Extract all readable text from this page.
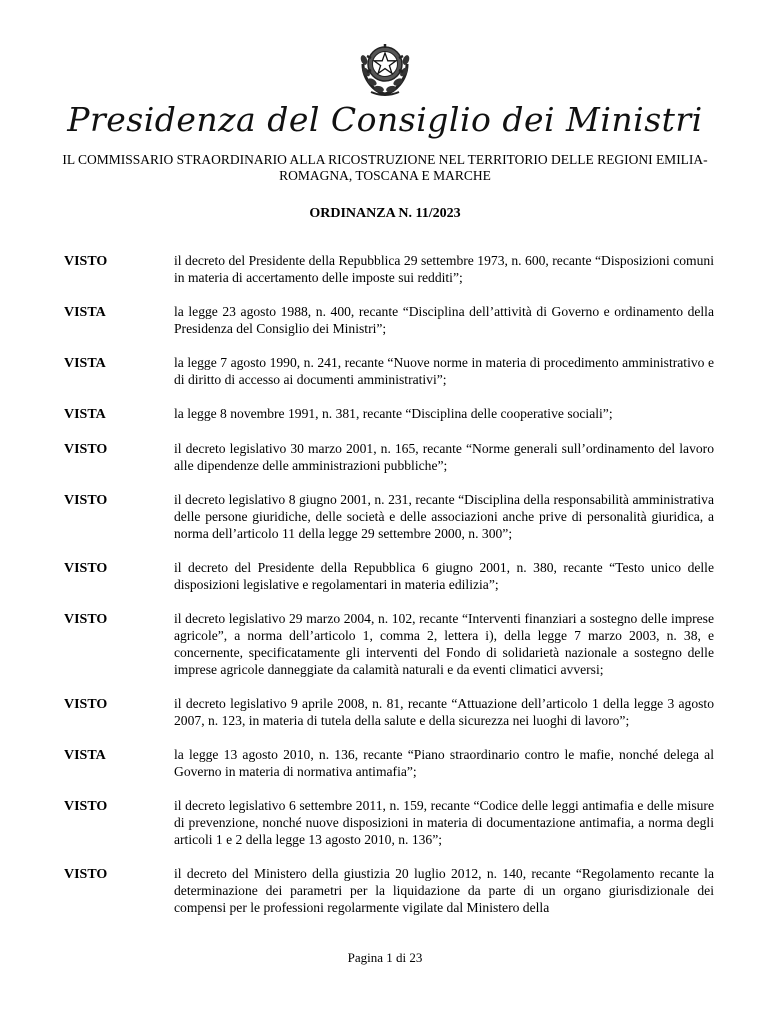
Presidenza del Consiglio dei Ministri
IL COMMISSARIO STRAORDINARIO ALLA RICOSTRUZIONE NEL TERRITORIO DELLE REGIONI EMILIA-ROMAGNA, TOSCANA E MARCHE
ORDINANZA N. 11/2023
VISTO	il decreto del Presidente della Repubblica 29 settembre 1973, n. 600, recante “Disposizioni comuni in materia di accertamento delle imposte sui redditi”;
VISTA	la legge 23 agosto 1988, n. 400, recante “Disciplina dell’attività di Governo e ordinamento della Presidenza del Consiglio dei Ministri”;
VISTA	la legge 7 agosto 1990, n. 241, recante “Nuove norme in materia di procedimento amministrativo e di diritto di accesso ai documenti amministrativi”;
VISTA	la legge 8 novembre 1991, n. 381, recante “Disciplina delle cooperative sociali”;
VISTO	il decreto legislativo 30 marzo 2001, n. 165, recante “Norme generali sull’ordinamento del lavoro alle dipendenze delle amministrazioni pubbliche”;
VISTO	il decreto legislativo 8 giugno 2001, n. 231, recante “Disciplina della responsabilità amministrativa delle persone giuridiche, delle società e delle associazioni anche prive di personalità giuridica, a norma dell’articolo 11 della legge 29 settembre 2000, n. 300”;
VISTO	il decreto del Presidente della Repubblica 6 giugno 2001, n. 380, recante “Testo unico delle disposizioni legislative e regolamentari in materia edilizia”;
VISTO	il decreto legislativo 29 marzo 2004, n. 102, recante “Interventi finanziari a sostegno delle imprese agricole”, a norma dell’articolo 1, comma 2, lettera i), della legge 7 marzo 2003, n. 38, e concernente, specificatamente gli interventi del Fondo di solidarietà nazionale a sostegno delle imprese agricole danneggiate da calamità naturali e da eventi climatici avversi;
VISTO	il decreto legislativo 9 aprile 2008, n. 81, recante “Attuazione dell’articolo 1 della legge 3 agosto 2007, n. 123, in materia di tutela della salute e della sicurezza nei luoghi di lavoro”;
VISTA	la legge 13 agosto 2010, n. 136, recante “Piano straordinario contro le mafie, nonché delega al Governo in materia di normativa antimafia”;
VISTO	il decreto legislativo 6 settembre 2011, n. 159, recante “Codice delle leggi antimafia e delle misure di prevenzione, nonché nuove disposizioni in materia di documentazione antimafia, a norma degli articoli 1 e 2 della legge 13 agosto 2010, n. 136”;
VISTO	il decreto del Ministero della giustizia 20 luglio 2012, n. 140, recante “Regolamento recante la determinazione dei parametri per la liquidazione da parte di un organo giurisdizionale dei compensi per le professioni regolarmente vigilate dal Ministero della
Pagina 1 di 23
